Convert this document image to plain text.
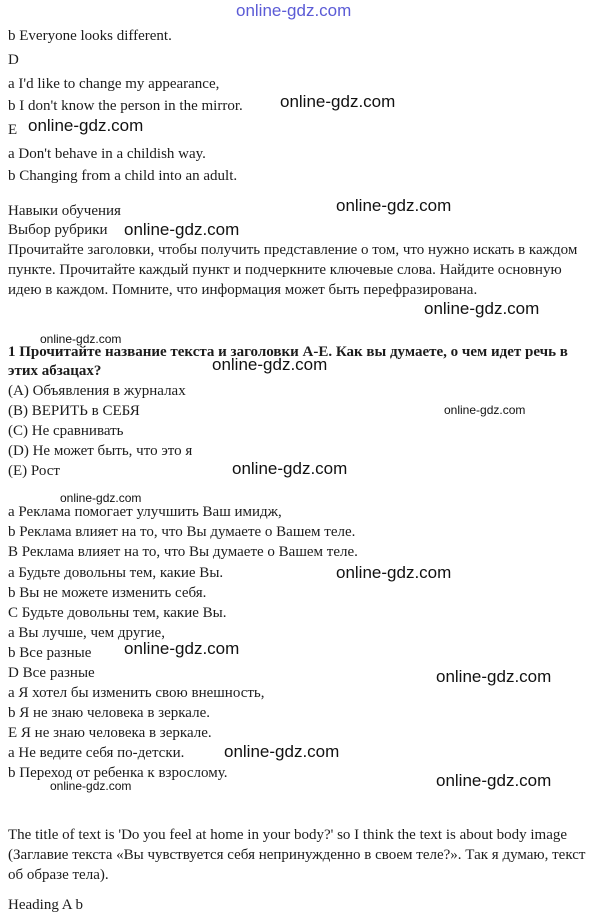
online-gdz.com
b Everyone looks different.
D
a I'd like to change my appearance,
b I don't know the person in the mirror. online-gdz.com
E online-gdz.com
a Don't behave in a childish way.
b Changing from a child into an adult.
Навыки обучения	online-gdz.com
Выбор рубрики online-gdz.com
Прочитайте заголовки, чтобы получить представление о том, что нужно искать в каждом пункте. Прочитайте каждый пункт и подчеркните ключевые слова. Найдите основную идею в каждом. Помните, что информация может быть перефразирована.
online-gdz.com
online-gdz.com
1 Прочитайте название текста и заголовки А-Е. Как вы думаете, о чем идет речь в этих абзацах?	online-gdz.com
(A) Объявления в журналах
(B) ВЕРИТЬ в СЕБЯ	online-gdz.com
(C) Не сравнивать
(D) Не может быть, что это я
(E) Рост	online-gdz.com
online-gdz.com
а Реклама помогает улучшить Ваш имидж,
b Реклама влияет на то, что Вы думаете о Вашем теле.
В Реклама влияет на то, что Вы думаете о Вашем теле.
а Будьте довольны тем, какие Вы.	online-gdz.com
b Вы не можете изменить себя.
С Будьте довольны тем, какие Вы.
а Вы лучше, чем другие,
b Все разные online-gdz.com
D Все разные	online-gdz.com
а Я хотел бы изменить свою внешность,
b Я не знаю человека в зеркале.
Е Я не знаю человека в зеркале.
а Не ведите себя по-детски. online-gdz.com
b Переход от ребенка к взрослому.	online-gdz.com
online-gdz.com
The title of text is 'Do you feel at home in your body?' so I think the text is about body image (Заглавие текста «Вы чувствуется себя непринужденно в своем теле?». Так я думаю, текст об образе тела).
Heading A b
